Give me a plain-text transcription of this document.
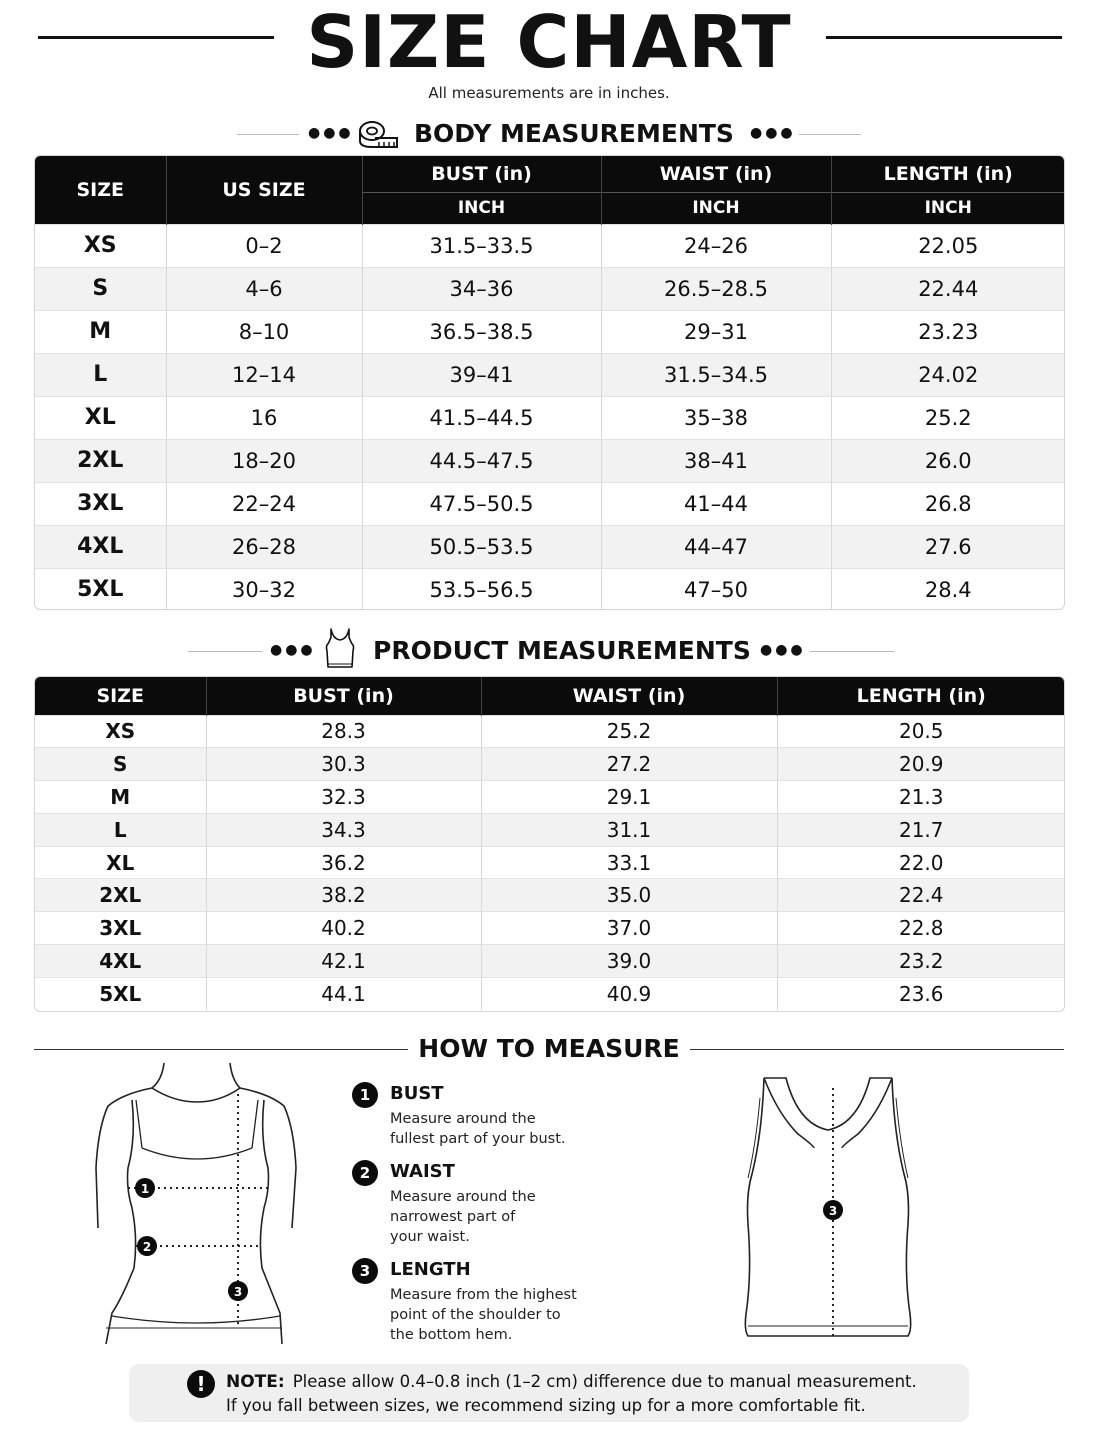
SIZE CHART
All measurements are in inches.
●●● BODY MEASUREMENTS ●●●
SIZE	US SIZE	BUST (in)	WAIST (in)	LENGTH (in)
		INCH	INCH	INCH
XS	0–2	31.5–33.5	24–26	22.05
S	4–6	34–36	26.5–28.5	22.44
M	8–10	36.5–38.5	29–31	23.23
L	12–14	39–41	31.5–34.5	24.02
XL	16	41.5–44.5	35–38	25.2
2XL	18–20	44.5–47.5	38–41	26.0
3XL	22–24	47.5–50.5	41–44	26.8
4XL	26–28	50.5–53.5	44–47	27.6
5XL	30–32	53.5–56.5	47–50	28.4
●●● PRODUCT MEASUREMENTS ●●●
SIZE	BUST (in)	WAIST (in)	LENGTH (in)
XS	28.3	25.2	20.5
S	30.3	27.2	20.9
M	32.3	29.1	21.3
L	34.3	31.1	21.7
XL	36.2	33.1	22.0
2XL	38.2	35.0	22.4
3XL	40.2	37.0	22.8
4XL	42.1	39.0	23.2
5XL	44.1	40.9	23.6
HOW TO MEASURE
1
2
3
1	BUST
Measure around the
fullest part of your bust.
2	WAIST
Measure around the
narrowest part of
your waist.
3	LENGTH
Measure from the highest
point of the shoulder to
the bottom hem.
3
!	NOTE: Please allow 0.4–0.8 inch (1–2 cm) difference due to manual measurement.
If you fall between sizes, we recommend sizing up for a more comfortable fit.
